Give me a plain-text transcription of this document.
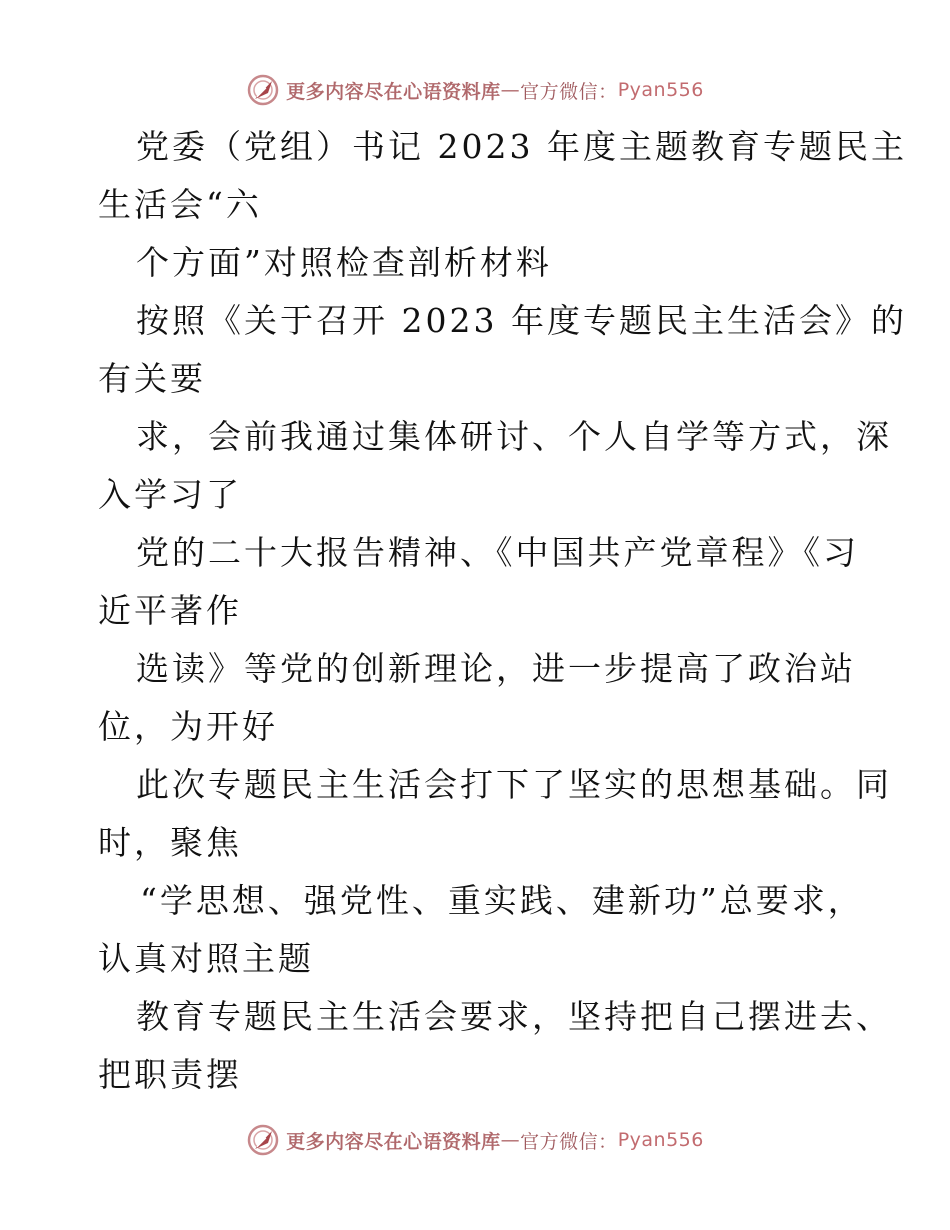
更多内容尽在心语资料库 — 官方微信： Pyan556
党委（党组）书记 2023 年度主题教育专题民主
生活会“六
个方面”对照检查剖析材料
按照《关于召开 2023 年度专题民主生活会》的
有关要
求，会前我通过集体研讨、个人自学等方式，深
入学习了
党的二十大报告精神、《中国共产党章程》《习
近平著作
选读》等党的创新理论，进一步提高了政治站
位，为开好
此次专题民主生活会打下了坚实的思想基础。同
时，聚焦
“学思想、强党性、重实践、建新功”总要求，
认真对照主题
教育专题民主生活会要求，坚持把自己摆进去、
把职责摆
更多内容尽在心语资料库 — 官方微信： Pyan556
